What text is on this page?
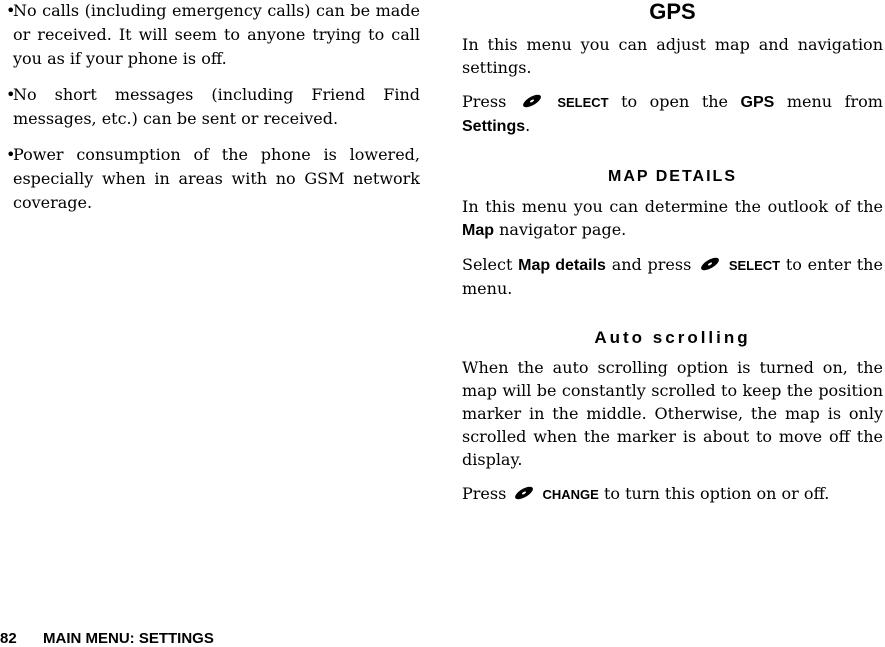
•
No calls (including emergency calls) can be made or received. It will seem to anyone trying to call you as if your phone is off.
•
No short messages (including Friend Find messages, etc.) can be sent or received.
•
Power consumption of the phone is lowered, especially when in areas with no GSM network coverage.
GPS

In this menu you can adjust map and navigation settings.

Press	SELECT to open the GPS menu from Settings.

MAP DETAILS

In this menu you can determine the outlook of the Map navigator page.

Select Map details and press	SELECT to enter the menu.

Auto scrolling

When the auto scrolling option is turned on, the map will be constantly scrolled to keep the position marker in the middle. Otherwise, the map is only scrolled when the marker is about to move off the display.

Press	CHANGE to turn this option on or off.

82 MAIN MENU: SETTINGS
